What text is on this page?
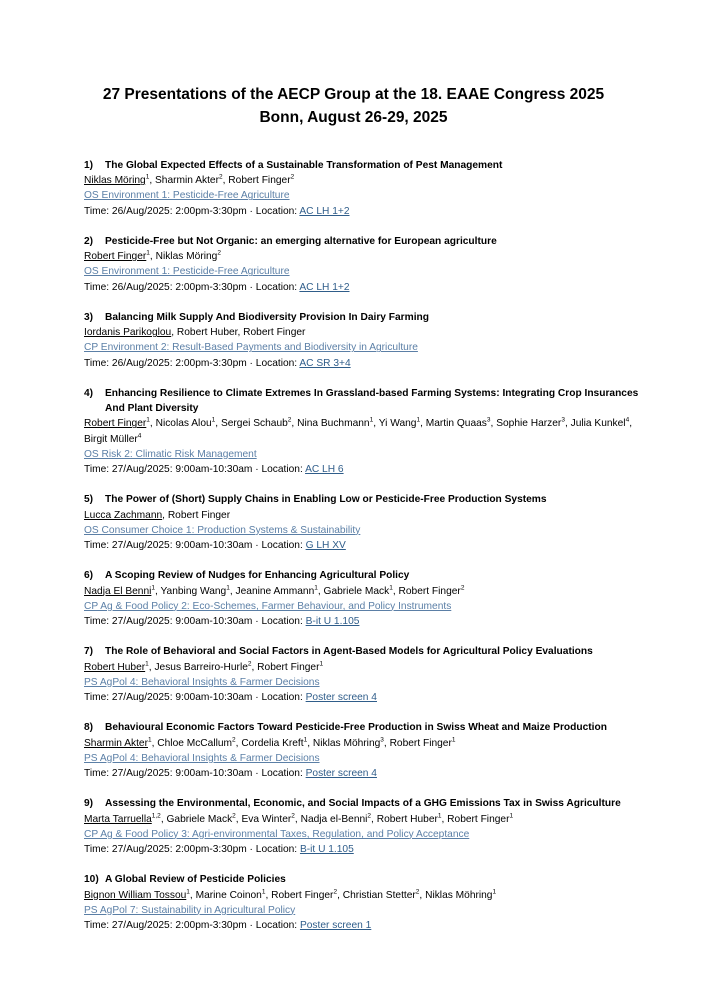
27 Presentations of the AECP Group at the 18. EAAE Congress 2025
Bonn, August 26-29, 2025
1)	The Global Expected Effects of a Sustainable Transformation of Pest Management
Niklas Möring$^1$, Sharmin Akter$^2$, Robert Finger$^2$
OS Environment 1: Pesticide-Free Agriculture
Time: 26/Aug/2025: 2:00pm-3:30pm · Location: AC LH 1+2
2)	Pesticide-Free but Not Organic: an emerging alternative for European agriculture
Robert Finger$^1$, Niklas Möring$^2$
OS Environment 1: Pesticide-Free Agriculture
Time: 26/Aug/2025: 2:00pm-3:30pm · Location: AC LH 1+2
3)	Balancing Milk Supply And Biodiversity Provision In Dairy Farming
Iordanis Parikoglou, Robert Huber, Robert Finger
CP Environment 2: Result-Based Payments and Biodiversity in Agriculture
Time: 26/Aug/2025: 2:00pm-3:30pm · Location: AC SR 3+4
4)	Enhancing Resilience to Climate Extremes In Grassland-based Farming Systems: Integrating Crop Insurances And Plant Diversity
Robert Finger$^1$, Nicolas Alou$^1$, Sergei Schaub$^2$, Nina Buchmann$^1$, Yi Wang$^1$, Martin Quaas$^3$, Sophie Harzer$^3$, Julia Kunkel$^4$, Birgit Müller$^4$
OS Risk 2: Climatic Risk Management
Time: 27/Aug/2025: 9:00am-10:30am · Location: AC LH 6
5)	The Power of (Short) Supply Chains in Enabling Low or Pesticide-Free Production Systems
Lucca Zachmann, Robert Finger
OS Consumer Choice 1: Production Systems & Sustainability
Time: 27/Aug/2025: 9:00am-10:30am · Location: G LH XV
6)	A Scoping Review of Nudges for Enhancing Agricultural Policy
Nadja El Benni$^1$, Yanbing Wang$^1$, Jeanine Ammann$^1$, Gabriele Mack$^1$, Robert Finger$^2$
CP Ag & Food Policy 2: Eco-Schemes, Farmer Behaviour, and Policy Instruments
Time: 27/Aug/2025: 9:00am-10:30am · Location: B-it U 1.105
7)	The Role of Behavioral and Social Factors in Agent-Based Models for Agricultural Policy Evaluations
Robert Huber$^1$, Jesus Barreiro-Hurle$^2$, Robert Finger$^1$
PS AgPol 4: Behavioral Insights & Farmer Decisions
Time: 27/Aug/2025: 9:00am-10:30am · Location: Poster screen 4
8)	Behavioural Economic Factors Toward Pesticide-Free Production in Swiss Wheat and Maize Production
Sharmin Akter$^1$, Chloe McCallum$^2$, Cordelia Kreft$^1$, Niklas Möhring$^3$, Robert Finger$^1$
PS AgPol 4: Behavioral Insights & Farmer Decisions
Time: 27/Aug/2025: 9:00am-10:30am · Location: Poster screen 4
9)	Assessing the Environmental, Economic, and Social Impacts of a GHG Emissions Tax in Swiss Agriculture
Marta Tarruella$^{1,2}$, Gabriele Mack$^2$, Eva Winter$^2$, Nadja el-Benni$^2$, Robert Huber$^1$, Robert Finger$^1$
CP Ag & Food Policy 3: Agri-environmental Taxes, Regulation, and Policy Acceptance
Time: 27/Aug/2025: 2:00pm-3:30pm · Location: B-it U 1.105
10) A Global Review of Pesticide Policies
Bignon William Tossou$^1$, Marine Coinon$^1$, Robert Finger$^2$, Christian Stetter$^2$, Niklas Möhring$^1$
PS AgPol 7: Sustainability in Agricultural Policy
Time: 27/Aug/2025: 2:00pm-3:30pm · Location: Poster screen 1
